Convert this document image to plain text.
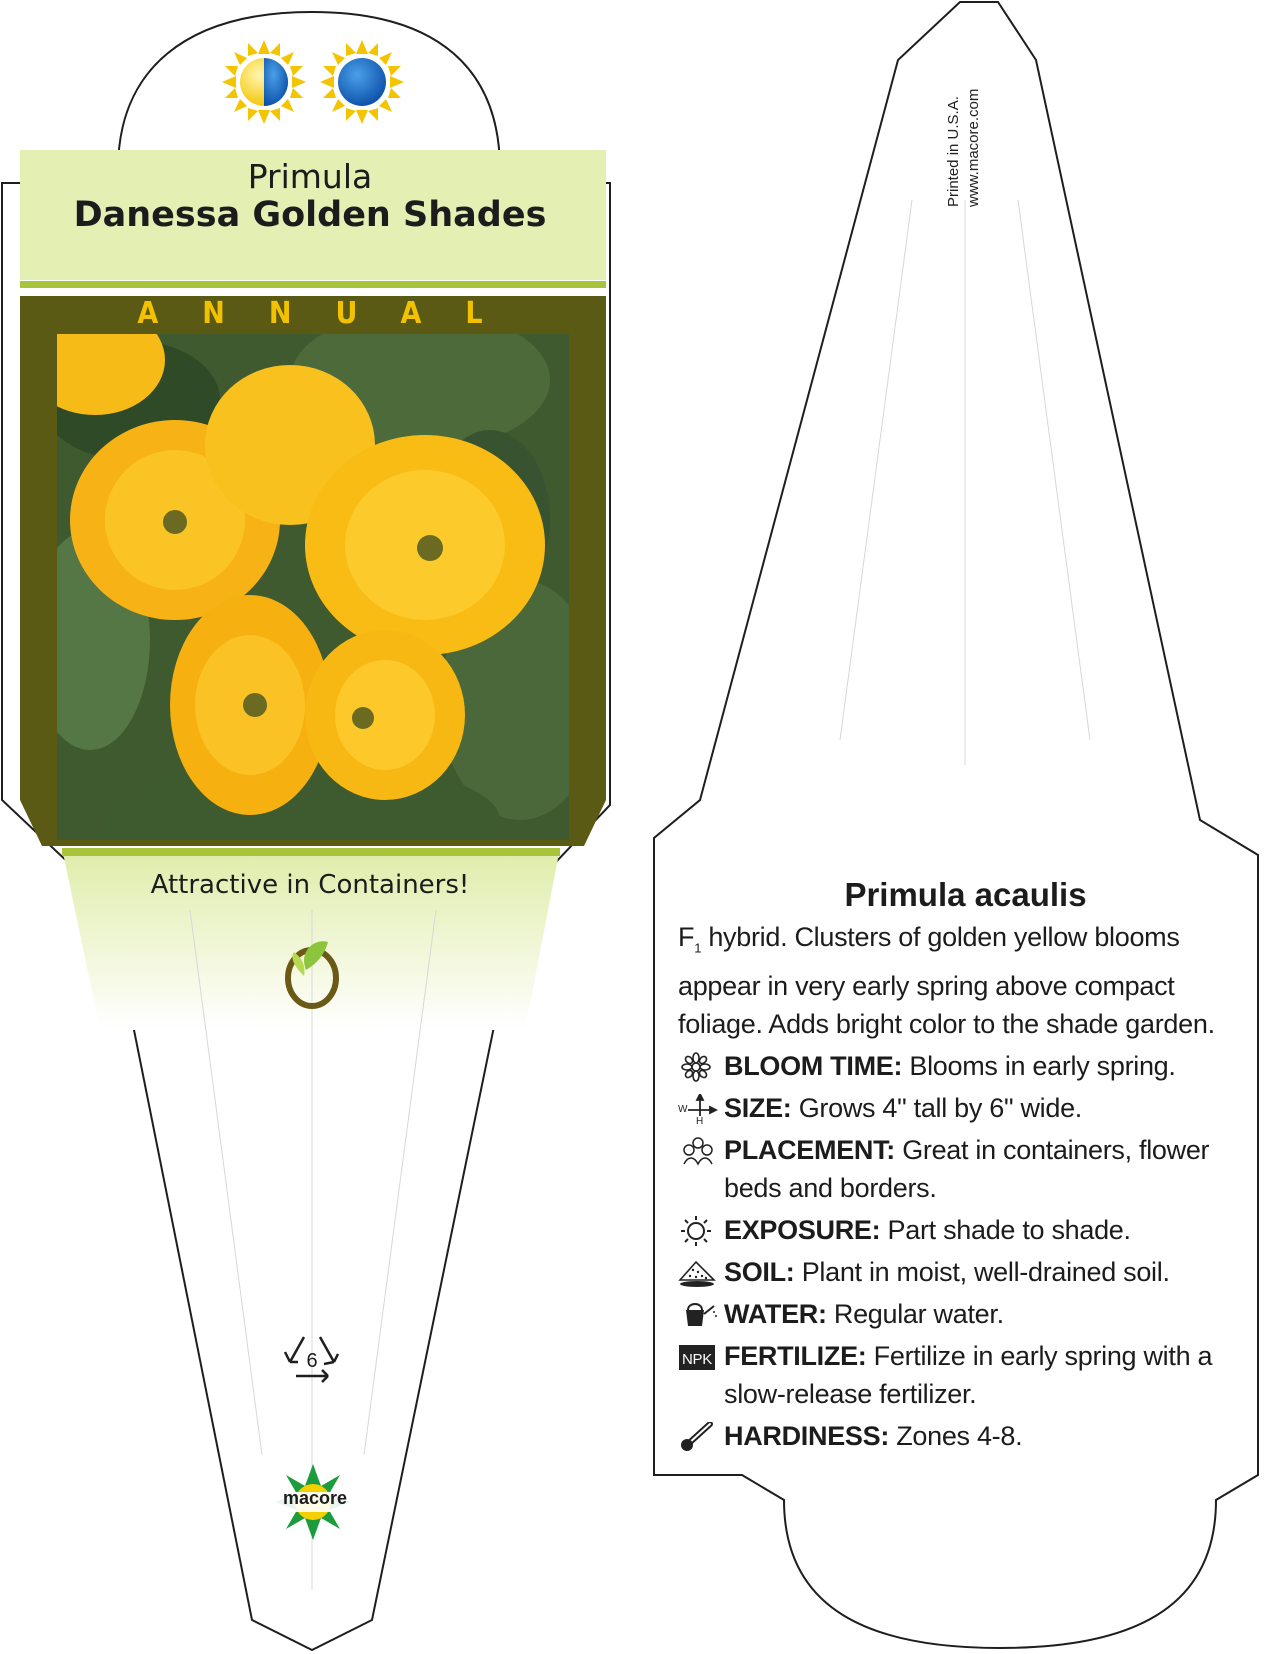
Primula
Danessa Golden Shades
ANNUAL
Attractive in Containers!
6
macore
Printed in U.S.A. www.macore.com
Primula acaulis

$F_1$ hybrid. Clusters of golden yellow blooms appear in very early spring above compact foliage. Adds bright color to the shade garden.

BLOOM TIME: Blooms in early spring.
W
H SIZE: Grows 4" tall by 6" wide.
PLACEMENT: Great in containers, flower beds and borders.
EXPOSURE: Part shade to shade.
SOIL: Plant in moist, well-drained soil.
WATER: Regular water.
NPK FERTILIZE: Fertilize in early spring with a slow-release fertilizer.
HARDINESS: Zones 4-8.
